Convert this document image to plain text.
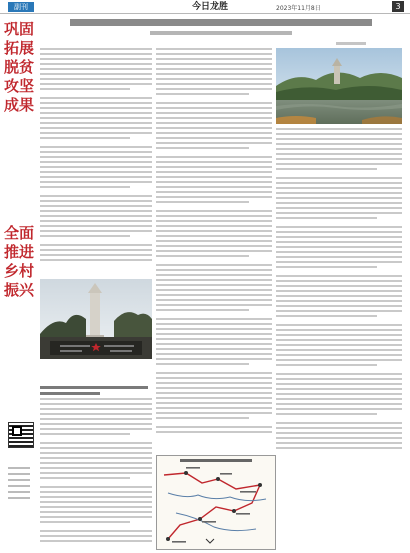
副刊	今日龙胜	2023年11月8日	3
巩固拓展脱贫攻坚成果
全面推进乡村振兴
